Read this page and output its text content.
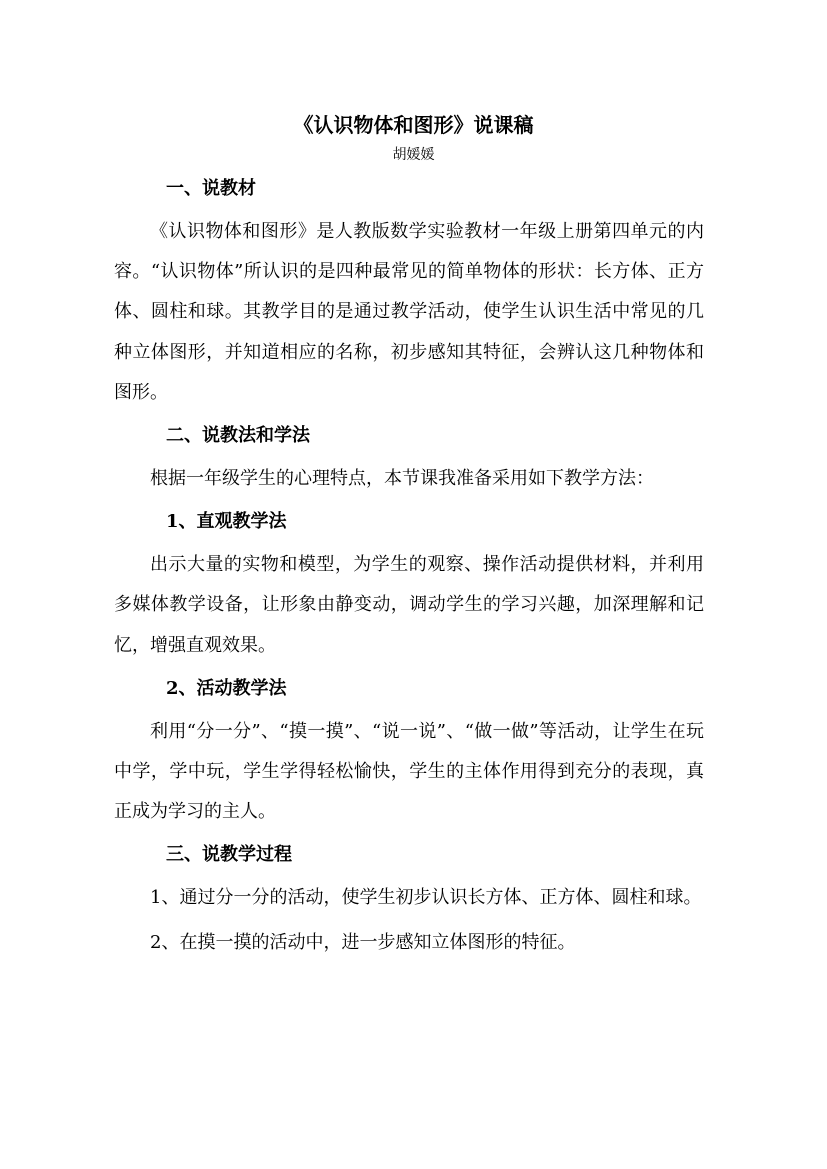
《认识物体和图形》说课稿
胡媛媛
一、说教材

《认识物体和图形》是人教版数学实验教材一年级上册第四单元的内容。“认识物体”所认识的是四种最常见的简单物体的形状：长方体、正方体、圆柱和球。其教学目的是通过教学活动，使学生认识生活中常见的几种立体图形，并知道相应的名称，初步感知其特征，会辨认这几种物体和图形。

二、说教法和学法

根据一年级学生的心理特点，本节课我准备采用如下教学方法：

1、直观教学法

出示大量的实物和模型，为学生的观察、操作活动提供材料，并利用多媒体教学设备，让形象由静变动，调动学生的学习兴趣，加深理解和记忆，增强直观效果。

2、活动教学法

利用“分一分”、“摸一摸”、“说一说”、“做一做”等活动，让学生在玩中学，学中玩，学生学得轻松愉快，学生的主体作用得到充分的表现，真正成为学习的主人。

三、说教学过程

1、通过分一分的活动，使学生初步认识长方体、正方体、圆柱和球。

2、在摸一摸的活动中，进一步感知立体图形的特征。
